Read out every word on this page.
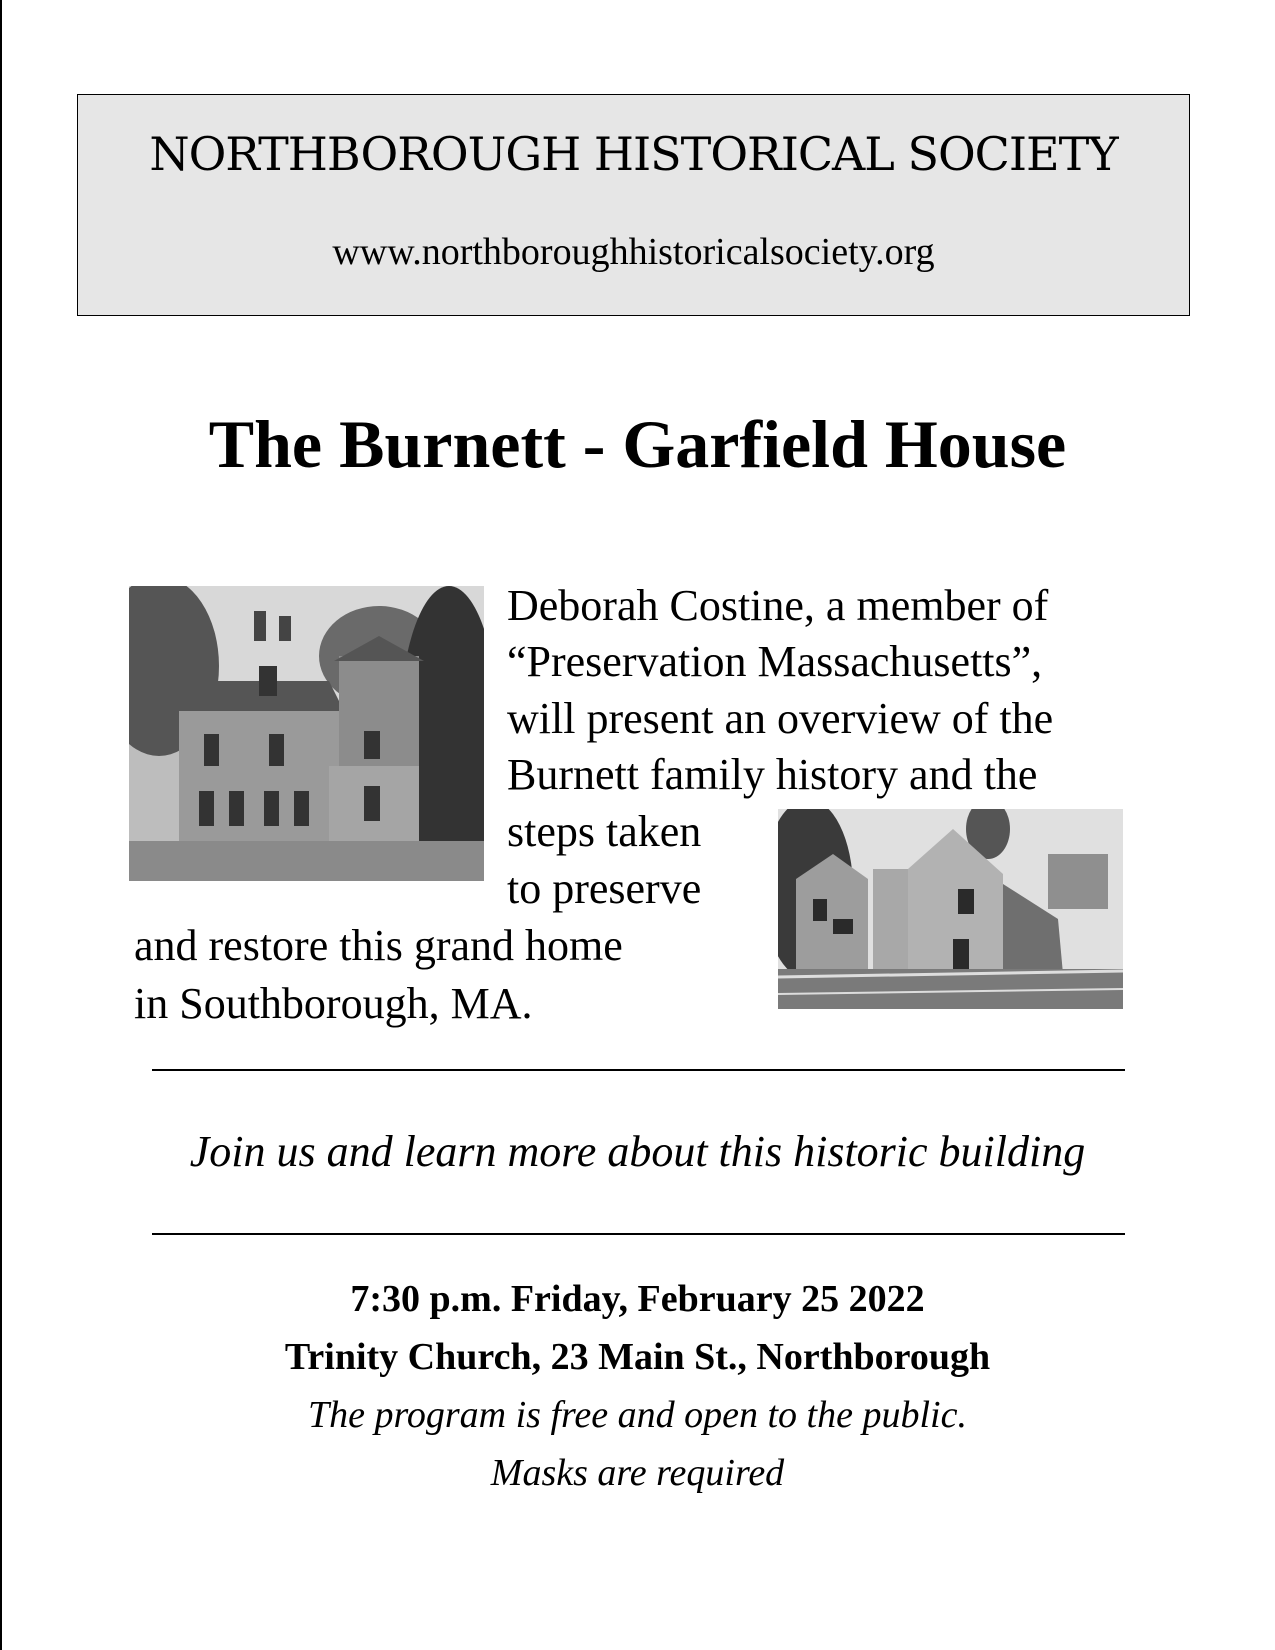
NORTHBOROUGH HISTORICAL SOCIETY
www.northboroughhistoricalsociety.org
The Burnett - Garfield House
Deborah Costine, a member of
“Preservation Massachusetts”,
will present an overview of the
Burnett family history and the
steps taken
to preserve
and restore this grand home
in Southborough, MA.
Join us and learn more about this historic building
7:30 p.m. Friday, February 25 2022
Trinity Church, 23 Main St., Northborough
The program is free and open to the public.
Masks are required
